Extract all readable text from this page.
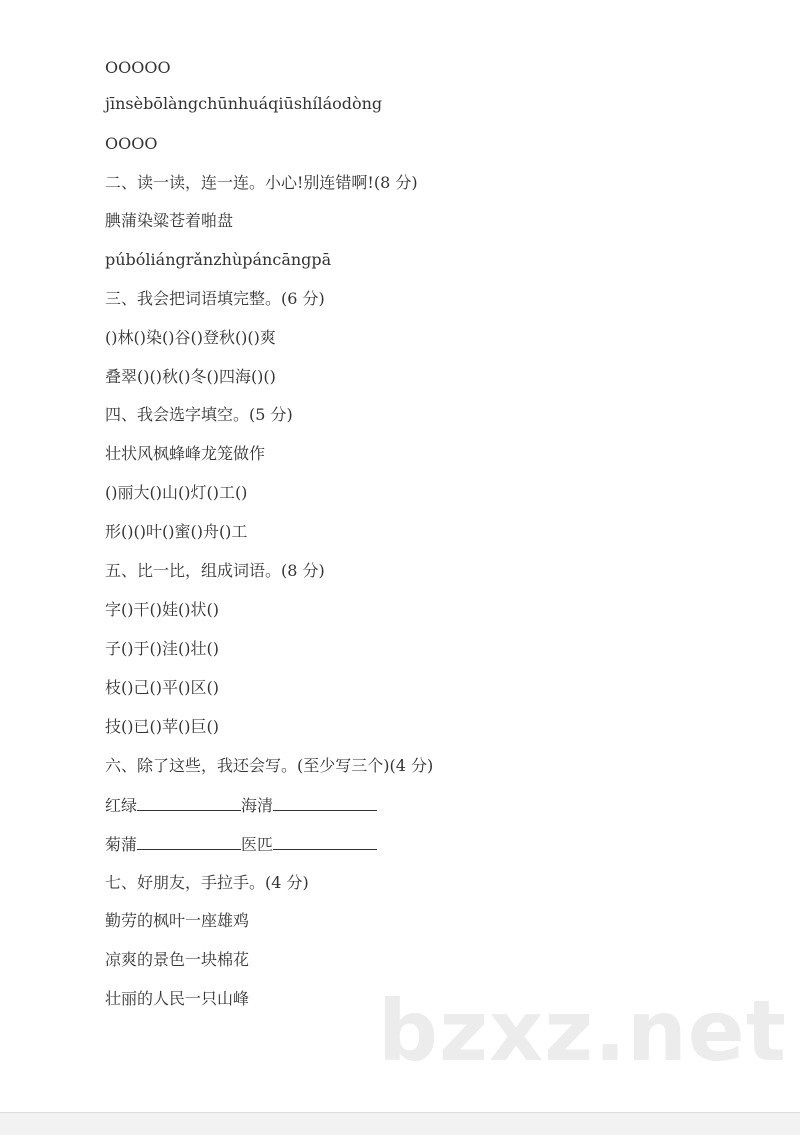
OOOOO
jīnsèbōlàngchūnhuáqiūshíláodòng
OOOO
二、读一读，连一连。小心!别连错啊!(8 分)
腆蒲染粱苍着啪盘
púbóliángrǎnzhùpáncāngpā
三、我会把词语填完整。(6 分)
()林()染()谷()登秋()()爽
叠翠()()秋()冬()四海()()
四、我会选字填空。(5 分)
壮状风枫蜂峰龙笼做作
()丽大()山()灯()工()
形()()叶()蜜()舟()工
五、比一比，组成词语。(8 分)
字()干()娃()状()
子()于()洼()壮()
枝()己()平()区()
技()已()苹()巨()
六、除了这些，我还会写。(至少写三个)(4 分)
红绿	海清
菊蒲	医匹
七、好朋友，手拉手。(4 分)
勤劳的枫叶一座雄鸡
凉爽的景色一块棉花
壮丽的人民一只山峰 bzxz.net
